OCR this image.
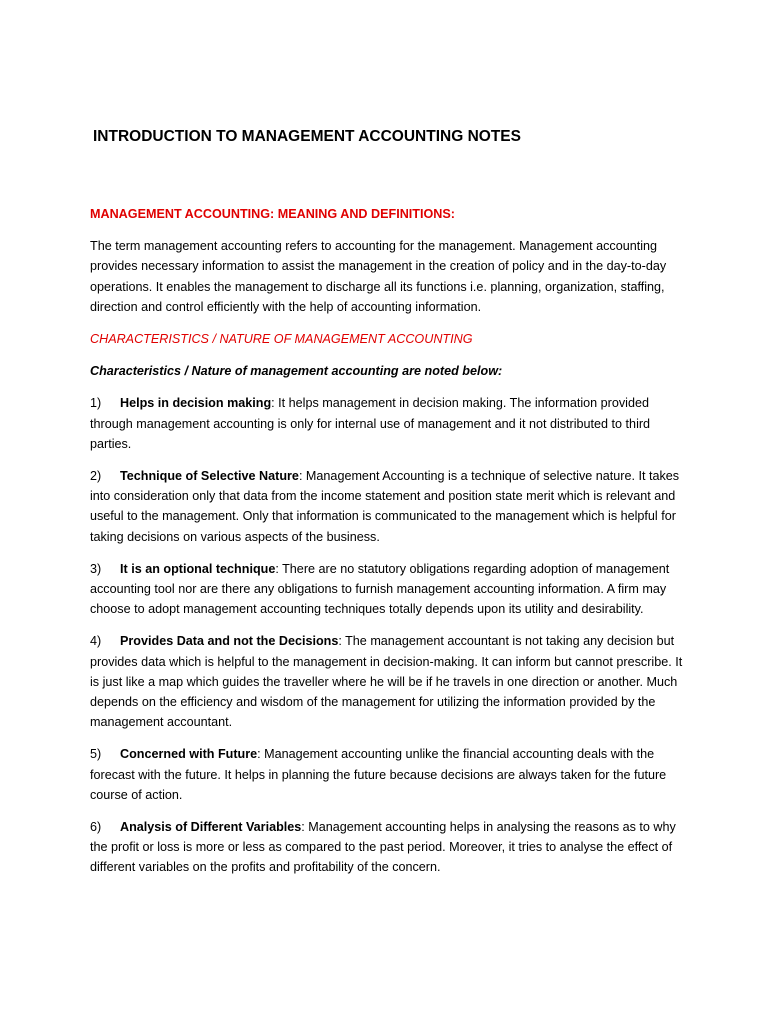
INTRODUCTION TO MANAGEMENT ACCOUNTING NOTES
MANAGEMENT ACCOUNTING: MEANING AND DEFINITIONS:

The term management accounting refers to accounting for the management. Management accounting provides necessary information to assist the management in the creation of policy and in the day-to-day operations. It enables the management to discharge all its functions i.e. planning, organization, staffing, direction and control efficiently with the help of accounting information.

CHARACTERISTICS / NATURE OF MANAGEMENT ACCOUNTING

Characteristics / Nature of management accounting are noted below:

1) Helps in decision making: It helps management in decision making. The information provided through management accounting is only for internal use of management and it not distributed to third parties.
2) Technique of Selective Nature: Management Accounting is a technique of selective nature. It takes into consideration only that data from the income statement and position state merit which is relevant and useful to the management. Only that information is communicated to the management which is helpful for taking decisions on various aspects of the business.
3) It is an optional technique: There are no statutory obligations regarding adoption of management accounting tool nor are there any obligations to furnish management accounting information. A firm may choose to adopt management accounting techniques totally depends upon its utility and desirability.
4) Provides Data and not the Decisions: The management accountant is not taking any decision but provides data which is helpful to the management in decision-making. It can inform but cannot prescribe. It is just like a map which guides the traveller where he will be if he travels in one direction or another. Much depends on the efficiency and wisdom of the management for utilizing the information provided by the management accountant.
5) Concerned with Future: Management accounting unlike the financial accounting deals with the forecast with the future. It helps in planning the future because decisions are always taken for the future course of action.
6) Analysis of Different Variables: Management accounting helps in analysing the reasons as to why the profit or loss is more or less as compared to the past period. Moreover, it tries to analyse the effect of different variables on the profits and profitability of the concern.
